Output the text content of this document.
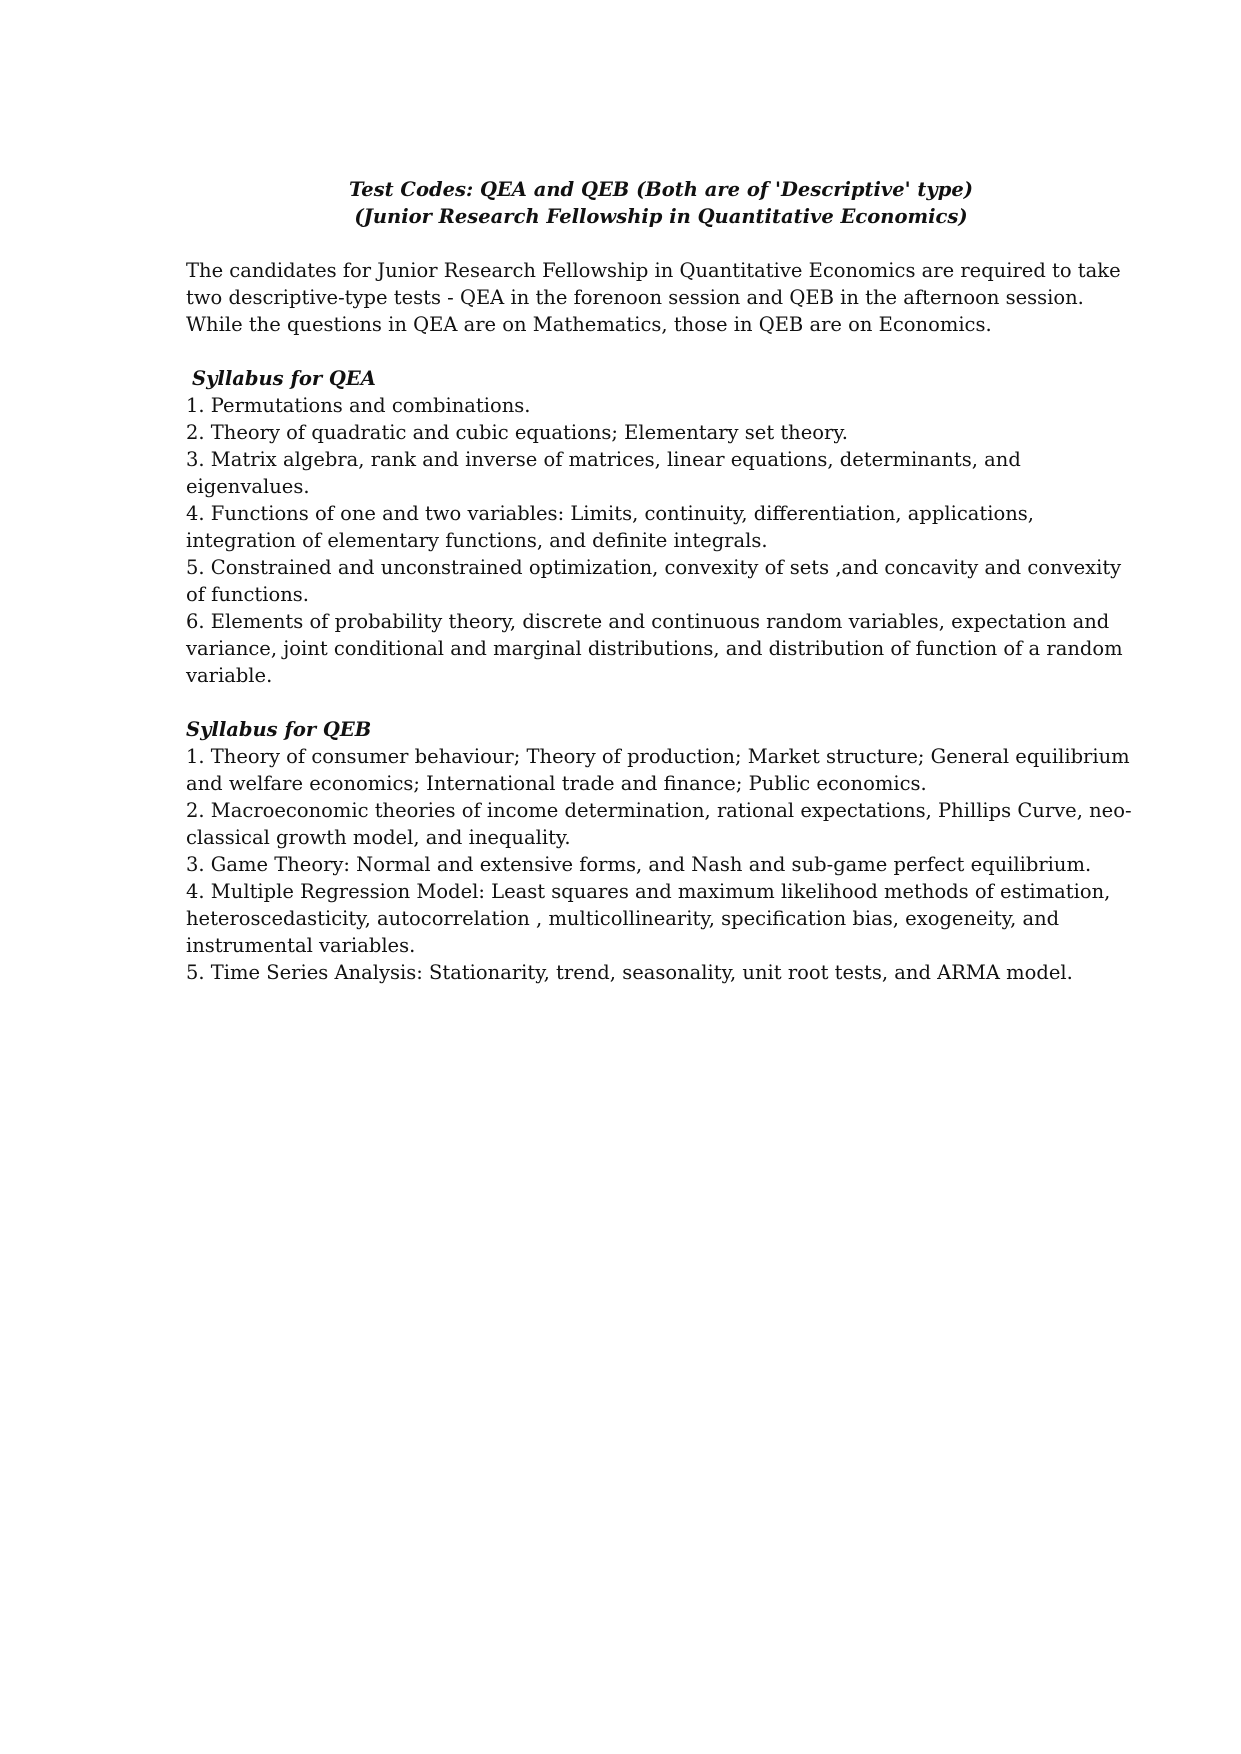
Test Codes: QEA and QEB (Both are of 'Descriptive' type)
(Junior Research Fellowship in Quantitative Economics)
The candidates for Junior Research Fellowship in Quantitative Economics are required to take two descriptive-type tests - QEA in the forenoon session and QEB in the afternoon session. While the questions in QEA are on Mathematics, those in QEB are on Economics.
Syllabus for QEA
1. Permutations and combinations.
2. Theory of quadratic and cubic equations; Elementary set theory.
3. Matrix algebra, rank and inverse of matrices, linear equations, determinants, and eigenvalues.
4. Functions of one and two variables: Limits, continuity, differentiation, applications, integration of elementary functions, and definite integrals.
5. Constrained and unconstrained optimization, convexity of sets ,and concavity and convexity of functions.
6. Elements of probability theory, discrete and continuous random variables, expectation and variance, joint conditional and marginal distributions, and distribution of function of a random variable.
Syllabus for QEB
1. Theory of consumer behaviour; Theory of production; Market structure; General equilibrium and welfare economics; International trade and finance; Public economics.
2. Macroeconomic theories of income determination, rational expectations, Phillips Curve, neo-classical growth model, and inequality.
3. Game Theory: Normal and extensive forms, and Nash and sub-game perfect equilibrium.
4. Multiple Regression Model: Least squares and maximum likelihood methods of estimation, heteroscedasticity, autocorrelation , multicollinearity, specification bias, exogeneity, and instrumental variables.
5. Time Series Analysis: Stationarity, trend, seasonality, unit root tests, and ARMA model.
